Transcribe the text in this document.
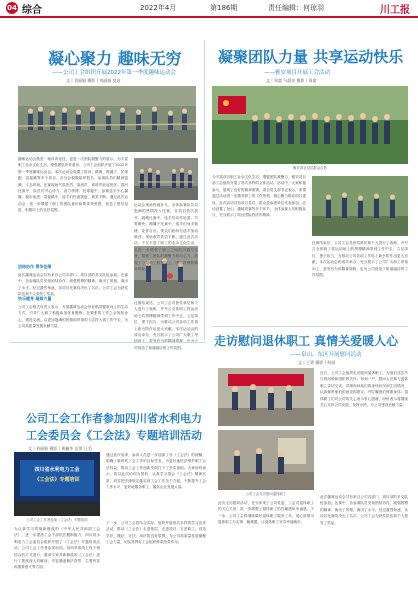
04 综合	2022年4月	第186期	责任编辑：何琼羽	川工报
凝心聚力 趣味无穷
——公司工会组织开展2022年第一季度趣味运动会
文丨刘丽娟 摄影丨刘丽娟 莫意
趣味运动会既是一场体育竞技，更是一次团队凝聚力的展示。为丰富职工业余文化生活，增强团队协作意识，公司工会组织开展了2022年第一季度趣味运动会。本次运动会设置了拔河、跳绳、踢毽子、托球跑、袋鼠跳等多个项目，各分会积极组织报名，参赛队员们精神饱满、斗志昂扬。比赛现场气氛热烈，加油声、欢呼声此起彼伏。拔河比赛中，队员们齐心协力、奋力拼搏；托球跑中，参赛选手小心翼翼、稳步前进；袋鼠跳中，选手们你追我赶、欢笑不断。通过此次运动会，进一步增强了职工的团队意识和集体荣誉感，营造了团结奋进、积极向上的良好氛围。
团结协作 勇争佳绩
此次趣味运动会共有来自公司各部门、项目部的多支队伍参加。比赛中，各参赛队员发扬团结协作、顽强拼搏的精神，赛出了风格，赛出了水平。经过激烈角逐，各项目比赛均决出了名次，公司工会为获奖队伍和个人颁发了奖品。
快乐健身 凝聚力量
公司工会相关负责人表示，开展趣味运动会旨在倡导健康向上的生活方式，引导广大职工积极参加体育锻炼，在紧张的工作之余放松身心、增进交流，以更加饱满的热情和昂扬的斗志投入到工作中去，为公司高质量发展贡献力量。
运动会现场热闹非凡，全体参赛队员以饱满的热情投入比赛，各项目依次展开。跳绳比赛中，选手们动作轻盈、节奏明快；踢毽子比赛中，选手们身手敏捷、花样百出。观众们纷纷为选手加油鼓劲，现场欢声笑语不断。通过此次活动，不仅丰富了职工的业余文化生活，也进一步增强了职工之间的沟通与交流，增强了团队的凝聚力和向心力，展现了公司职工积极向上、团结拼搏的精神风貌。
比赛结束后，公司工会对获奖单位和个人进行了表彰，并号召全体职工将运动场上的拼搏精神带到工作中去，立足岗位、勇于担当，为推动公司各项工作再上新台阶作出更大贡献。本次运动会的成功举办，充分展示了公司广大职工昂 司营造了和谐融洽的工作氛围。
凝聚团队力量 共享运动快乐
——雅安项目开展工会活动
文丨周童 马晨亮 摄影丨周童
雅安项目党员群众合影
为丰富项目职工业余文化生活，增强团队凝聚力，雅安项目部工会组织开展了形式多样的文体活动。活动中，大家积极参与，展现了良好的精神面貌。项目党支部书记表示，希望通过活动进一步激发职工的工作热情，凝心聚力推动项目建设。此次活动共有项目党员、群众及参建单位代表参加，活动设置了登山、趣味竞赛等多个环节，全体参赛人员积极参与，充分展示了项目团队的协作精神。
比赛结束后，公司工会对获奖单位和个人进行了表彰，并号召全体职工将运动场上的拼搏精神带到工作中去，立足岗位、勇于担当，为推动公司各项工作再上新台阶作出更大贡献。本次运动会的成功举办，充分展示了公司广大职工昂扬向上、奋发有为的精神面貌，也为公司营造了和谐融洽的工作氛围。
走访慰问退休职工 真情关爱暖人心
——泉山、东区开展慰问活动
文丨王勇 摄影丨何丽
公司工会走访慰问退休职工
近日，公司工会组织走访慰问退休职工，为他们送去节日的问候和组织的关怀。每到一户，慰问人员都与退休职工亲切交谈，详细询问他们的身体状况和生活情况，认真倾听他们的意见和建议，并叮嘱他们保重身体。退休职工们对公司的关心表示衷心感谢，纷纷表示将继续关心支持公司发展，发挥余热，为公司建设贡献力量。
此次走访慰问活动，充分体现了公司党委、工会对退休职工的关心关爱，进一步增强了退休职工的归属感和幸福感。下一步，公司工会将继续做好退休职工服务工作，用心用情为退休职工办实事、解难题，让退休职工安享幸福晚年。
此次趣味运动会共有来自公司各部门、项目部的多支队伍参加。比赛中，各参赛队员发扬团结协作、顽强拼搏的精神，赛出了风格，赛出了水平。经过激烈角逐，各项目比赛均决出了名次，公司工会为获奖队伍和个人颁发了奖品。
公司工会工作者参加四川省水利电力工会委员会《工会法》专题培训活动
文丨刘丽娟 摄影丨黄巍华 出图 汪毛
四川省水利电力工会
《工会法》专题培训
通过此次培训，参训人员进一步加深了对《工会法》的理解，明确了新时代工会工作的目标任务，为更好地依法维护职工合法权益、推动工会工作创新发展打下了坚实基础。大家纷纷表示，将以此次培训为契机，认真学习领会《工会法》精神实质，切实把法律规定落实到工会工作各个方面，不断提升工会工作水平，更好地服务职工、服务企业发展大局。
公司工会工作者参加《工会法》专题培训
为认真学习贯彻新修改的《中华人民共和国工会法》，进一步提高工会干部依法履职能力，四川省水利电力工会委员会组织开展了《工会法》专题培训活动，公司工会工作者参加培训。培训采取线上线下相结合的方式进行，邀请专家对新修改的《工会法》进行了系统深入的解读，内容涵盖修法背景、主要内容和重要意义等方面。
下一步，公司工会将结合实际，组织开展形式多样的学习宣传活动，推动《工会法》走进基层、走进项目、走进职工，营造学法、懂法、守法、用法的良好氛围，为公司高质量发展凝聚工会力量，切实发挥好工会组织桥梁纽带作用。
